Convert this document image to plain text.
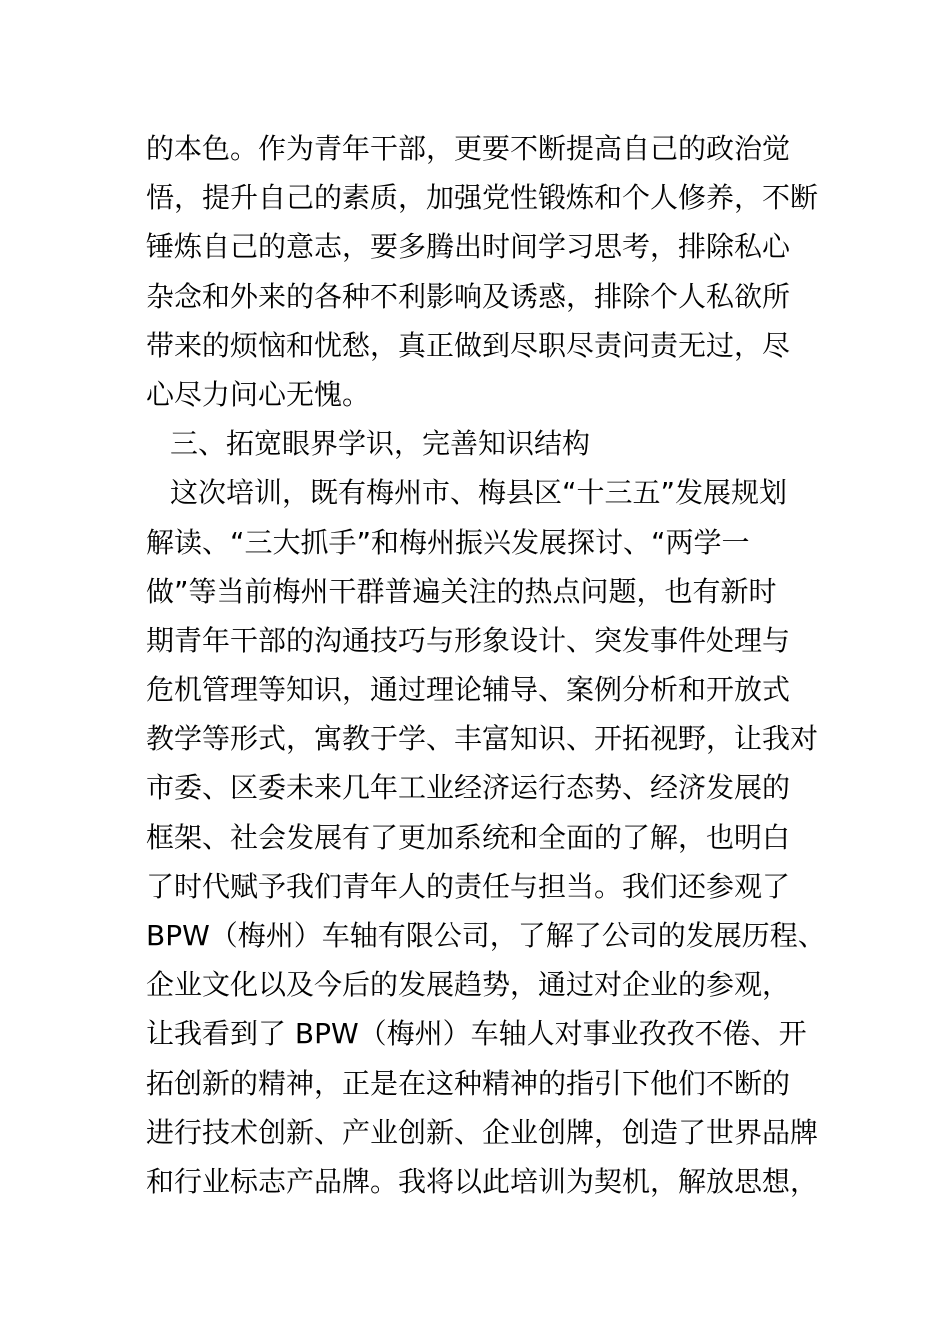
的本色。作为青年干部，更要不断提高自己的政治觉
悟，提升自己的素质，加强党性锻炼和个人修养，不断
锤炼自己的意志，要多腾出时间学习思考，排除私心
杂念和外来的各种不利影响及诱惑，排除个人私欲所
带来的烦恼和忧愁，真正做到尽职尽责问责无过，尽
心尽力问心无愧。
三、拓宽眼界学识，完善知识结构
这次培训，既有梅州市、梅县区“十三五”发展规划
解读、“三大抓手”和梅州振兴发展探讨、“两学一
做”等当前梅州干群普遍关注的热点问题，也有新时
期青年干部的沟通技巧与形象设计、突发事件处理与
危机管理等知识，通过理论辅导、案例分析和开放式
教学等形式，寓教于学、丰富知识、开拓视野，让我对
市委、区委未来几年工业经济运行态势、经济发展的
框架、社会发展有了更加系统和全面的了解，也明白
了时代赋予我们青年人的责任与担当。我们还参观了
BPW（梅州）车轴有限公司，了解了公司的发展历程、
企业文化以及今后的发展趋势，通过对企业的参观，
让我看到了 BPW（梅州）车轴人对事业孜孜不倦、开
拓创新的精神，正是在这种精神的指引下他们不断的
进行技术创新、产业创新、企业创牌，创造了世界品牌
和行业标志产品牌。我将以此培训为契机，解放思想，
